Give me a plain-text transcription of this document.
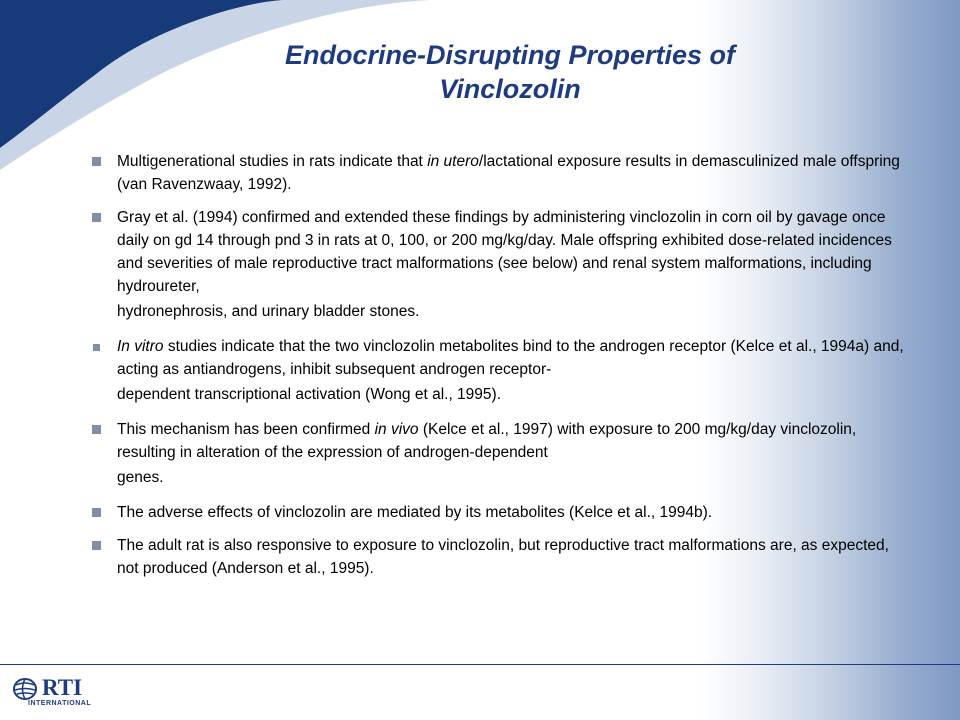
Endocrine-Disrupting Properties of
Vinclozolin
Multigenerational studies in rats indicate that in utero/lactational exposure results in demasculinized male offspring (van Ravenzwaay, 1992).
Gray et al. (1994) confirmed and extended these findings by administering vinclozolin in corn oil by gavage once daily on gd 14 through pnd 3 in rats at 0, 100, or 200 mg/kg/day. Male offspring exhibited dose-related incidences and severities of male reproductive tract malformations (see below) and renal system malformations, including hydroureter,
hydronephrosis, and urinary bladder stones.
In vitro studies indicate that the two vinclozolin metabolites bind to the androgen receptor (Kelce et al., 1994a) and, acting as antiandrogens, inhibit subsequent androgen receptor-
dependent transcriptional activation (Wong et al., 1995).
This mechanism has been confirmed in vivo (Kelce et al., 1997) with exposure to 200 mg/kg/day vinclozolin, resulting in alteration of the expression of androgen-dependent
genes.
The adverse effects of vinclozolin are mediated by its metabolites (Kelce et al., 1994b).
The adult rat is also responsive to exposure to vinclozolin, but reproductive tract malformations are, as expected, not produced (Anderson et al., 1995).
RTI
INTERNATIONAL
